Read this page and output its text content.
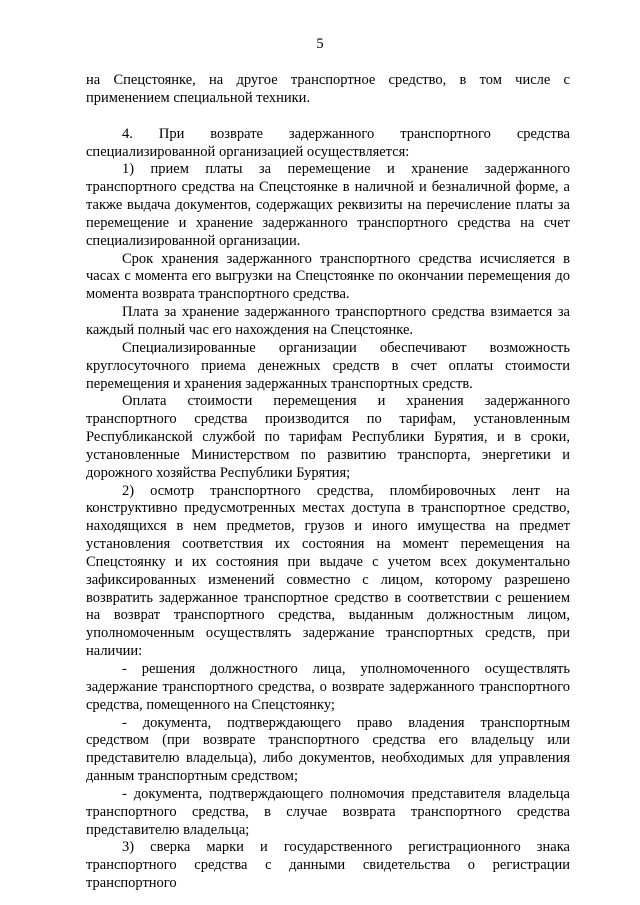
5

на Спецстоянке, на другое транспортное средство, в том числе с применением специальной техники.

4. При возврате задержанного транспортного средства специализированной организацией осуществляется:

1) прием платы за перемещение и хранение задержанного транспортного средства на Спецстоянке в наличной и безналичной форме, а также выдача документов, содержащих реквизиты на перечисление платы за перемещение и хранение задержанного транспортного средства на счет специализированной организации.

Срок хранения задержанного транспортного средства исчисляется в часах с момента его выгрузки на Спецстоянке по окончании перемещения до момента возврата транспортного средства.

Плата за хранение задержанного транспортного средства взимается за каждый полный час его нахождения на Спецстоянке.

Специализированные организации обеспечивают возможность круглосуточного приема денежных средств в счет оплаты стоимости перемещения и хранения задержанных транспортных средств.

Оплата стоимости перемещения и хранения задержанного транспортного средства производится по тарифам, установленным Республиканской службой по тарифам Республики Бурятия, и в сроки, установленные Министерством по развитию транспорта, энергетики и дорожного хозяйства Республики Бурятия;

2) осмотр транспортного средства, пломбировочных лент на конструктивно предусмотренных местах доступа в транспортное средство, находящихся в нем предметов, грузов и иного имущества на предмет установления соответствия их состояния на момент перемещения на Спецстоянку и их состояния при выдаче с учетом всех документально зафиксированных изменений совместно с лицом, которому разрешено возвратить задержанное транспортное средство в соответствии с решением на возврат транспортного средства, выданным должностным лицом, уполномоченным осуществлять задержание транспортных средств, при наличии:

- решения должностного лица, уполномоченного осуществлять задержание транспортного средства, о возврате задержанного транспортного средства, помещенного на Спецстоянку;

- документа, подтверждающего право владения транспортным средством (при возврате транспортного средства его владельцу или представителю владельца), либо документов, необходимых для управления данным транспортным средством;

- документа, подтверждающего полномочия представителя владельца транспортного средства, в случае возврата транспортного средства представителю владельца;

3) сверка марки и государственного регистрационного знака транспортного средства с данными свидетельства о регистрации транспортного
